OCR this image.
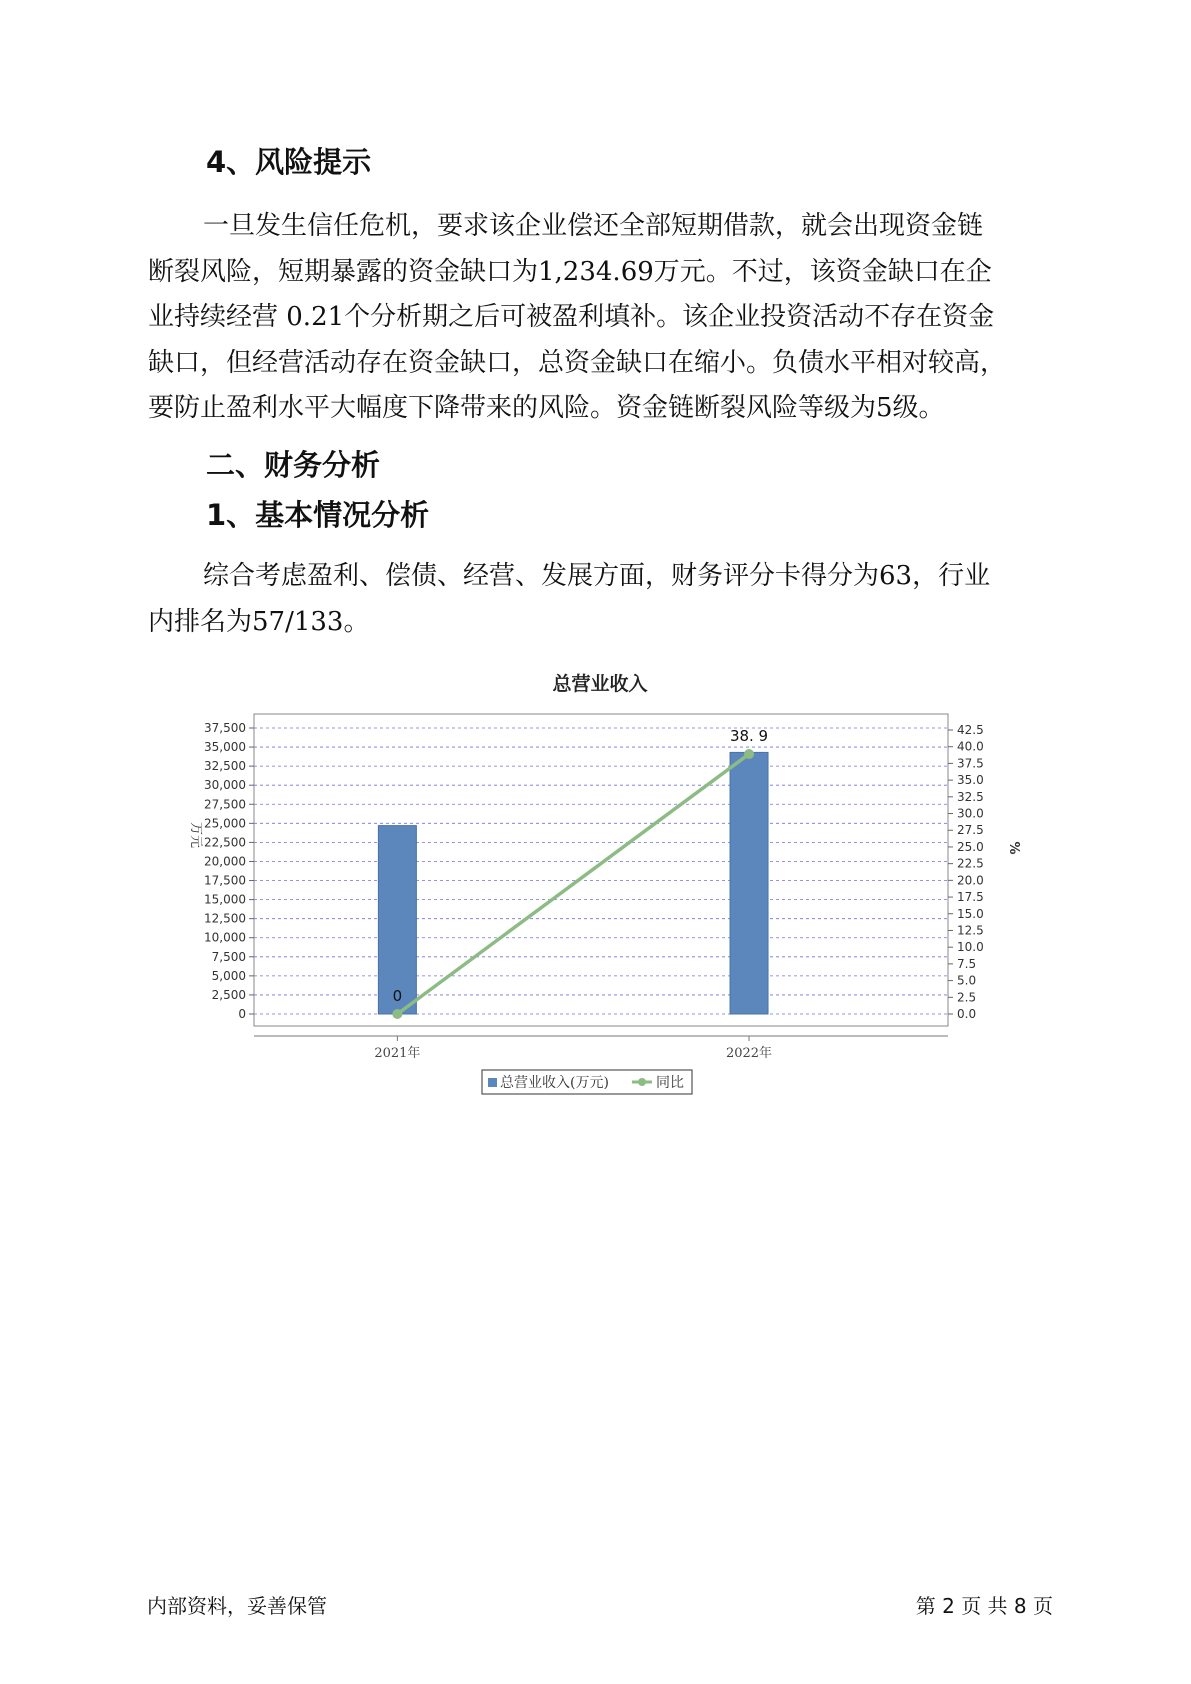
4、风险提示

一旦发生信任危机，要求该企业偿还全部短期借款，就会出现资金链
断裂风险，短期暴露的资金缺口为1,234.69万元。不过，该资金缺口在企
业持续经营 0.21个分析期之后可被盈利填补。该企业投资活动不存在资金
缺口，但经营活动存在资金缺口，总资金缺口在缩小。负债水平相对较高，
要防止盈利水平大幅度下降带来的风险。资金链断裂风险等级为5级。

二、财务分析
1、基本情况分析

综合考虑盈利、偿债、经营、发展方面，财务评分卡得分为63，行业
内排名为57/133。

总营业收入
0
2,500
5,000
7,500
10,000
12,500
15,000
17,500
20,000
22,500
25,000
27,500
30,000
32,500
35,000
37,500
0.0
2.5
5.0
7.5
10.0
12.5
15.0
17.5
20.0
22.5
25.0
27.5
30.0
32.5
35.0
37.5
40.0
42.5
万元	%
2021年	2022年
0
38. 9
总营业收入(万元)	同比
内部资料，妥善保管	第 2 页 共 8 页
